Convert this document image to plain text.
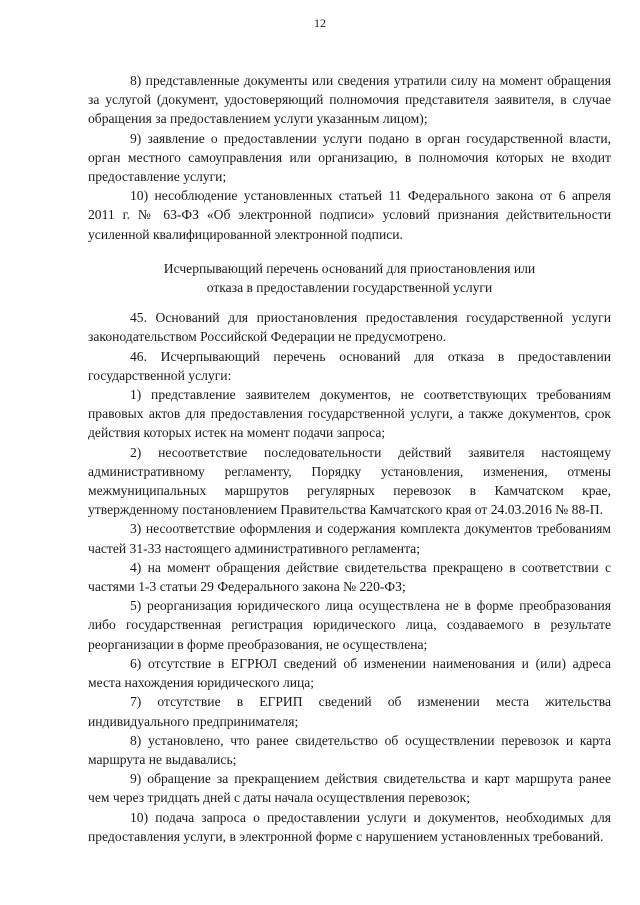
12

8) представленные документы или сведения утратили силу на момент обращения за услугой (документ, удостоверяющий полномочия представителя заявителя, в случае обращения за предоставлением услуги указанным лицом);

9) заявление о предоставлении услуги подано в орган государственной власти, орган местного самоуправления или организацию, в полномочия которых не входит предоставление услуги;

10) несоблюдение установленных статьей 11 Федерального закона от 6 апреля 2011 г. № 63-ФЗ «Об электронной подписи» условий признания действительности усиленной квалифицированной электронной подписи.

Исчерпывающий перечень оснований для приостановления или
отказа в предоставлении государственной услуги

45. Оснований для приостановления предоставления государственной услуги законодательством Российской Федерации не предусмотрено.

46. Исчерпывающий перечень оснований для отказа в предоставлении государственной услуги:

1) представление заявителем документов, не соответствующих требованиям правовых актов для предоставления государственной услуги, а также документов, срок действия которых истек на момент подачи запроса;

2) несоответствие последовательности действий заявителя настоящему административному регламенту, Порядку установления, изменения, отмены межмуниципальных маршрутов регулярных перевозок в Камчатском крае, утвержденному постановлением Правительства Камчатского края от 24.03.2016 № 88-П.

3) несоответствие оформления и содержания комплекта документов требованиям частей 31-33 настоящего административного регламента;

4) на момент обращения действие свидетельства прекращено в соответствии с частями 1-3 статьи 29 Федерального закона № 220-ФЗ;

5) реорганизация юридического лица осуществлена не в форме преобразования либо государственная регистрация юридического лица, создаваемого в результате реорганизации в форме преобразования, не осуществлена;

6) отсутствие в ЕГРЮЛ сведений об изменении наименования и (или) адреса места нахождения юридического лица;

7) отсутствие в ЕГРИП сведений об изменении места жительства индивидуального предпринимателя;

8) установлено, что ранее свидетельство об осуществлении перевозок и карта маршрута не выдавались;

9) обращение за прекращением действия свидетельства и карт маршрута ранее чем через тридцать дней с даты начала осуществления перевозок;

10) подача запроса о предоставлении услуги и документов, необходимых для предоставления услуги, в электронной форме с нарушением установленных требований.
